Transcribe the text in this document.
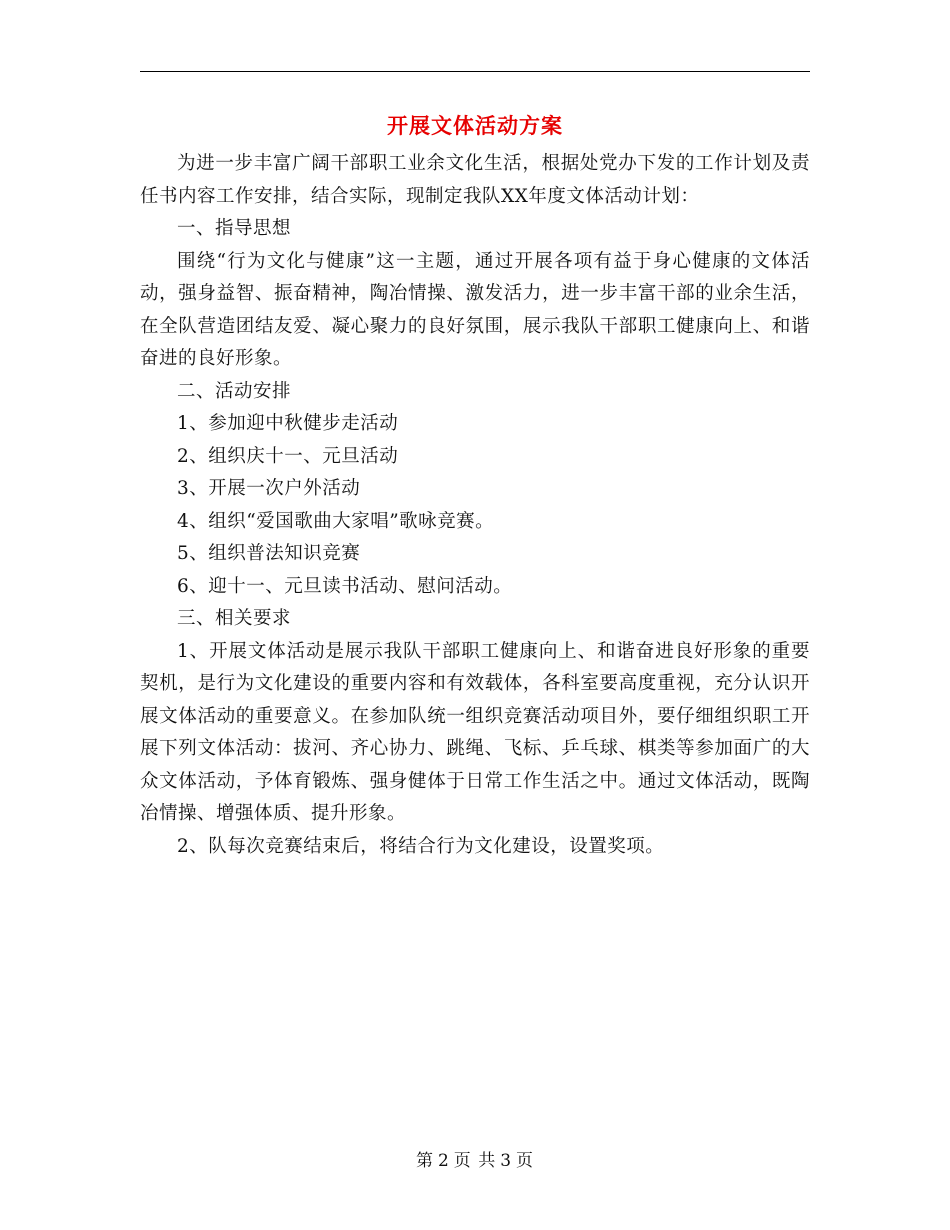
开展文体活动方案

为进一步丰富广阔干部职工业余文化生活，根据处党办下发的工作计划及责任书内容工作安排，结合实际，现制定我队XX年度文体活动计划：

一、指导思想

围绕“行为文化与健康”这一主题，通过开展各项有益于身心健康的文体活动，强身益智、振奋精神，陶冶情操、激发活力，进一步丰富干部的业余生活，在全队营造团结友爱、凝心聚力的良好氛围，展示我队干部职工健康向上、和谐奋进的良好形象。

二、活动安排

1、参加迎中秋健步走活动

2、组织庆十一、元旦活动

3、开展一次户外活动

4、组织“爱国歌曲大家唱”歌咏竞赛。

5、组织普法知识竞赛

6、迎十一、元旦读书活动、慰问活动。

三、相关要求

1、开展文体活动是展示我队干部职工健康向上、和谐奋进良好形象的重要契机，是行为文化建设的重要内容和有效载体，各科室要高度重视，充分认识开展文体活动的重要意义。在参加队统一组织竞赛活动项目外，要仔细组织职工开展下列文体活动：拔河、齐心协力、跳绳、飞标、乒乓球、棋类等参加面广的大众文体活动，予体育锻炼、强身健体于日常工作生活之中。通过文体活动，既陶冶情操、增强体质、提升形象。

2、队每次竞赛结束后，将结合行为文化建设，设置奖项。

第 2 页 共 3 页
